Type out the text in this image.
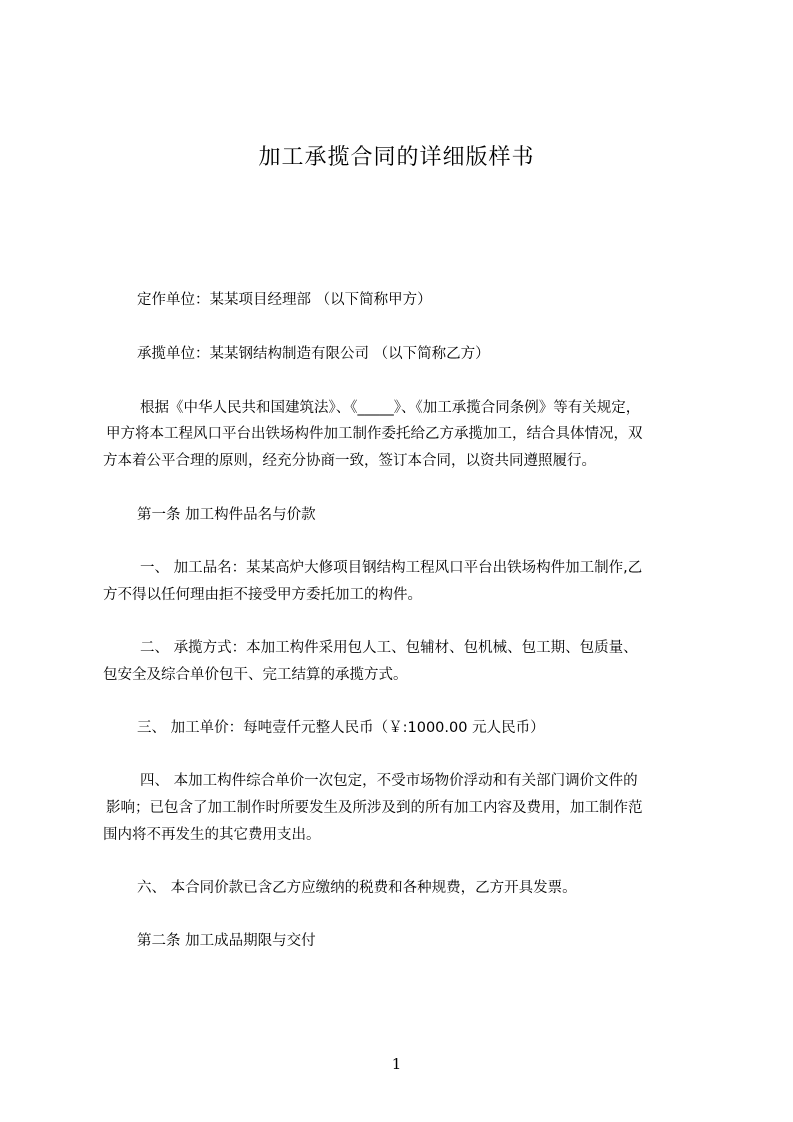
加工承揽合同的详细版样书
定作单位：某某项目经理部 （以下简称甲方）
承揽单位：某某钢结构制造有限公司 （以下简称乙方）
根据《中华人民共和国建筑法》、《_____》、《加工承揽合同条例》等有关规定，
甲方将本工程风口平台出铁场构件加工制作委托给乙方承揽加工，结合具体情况，双
方本着公平合理的原则，经充分协商一致，签订本合同，以资共同遵照履行。
第一条 加工构件品名与价款
一、 加工品名：某某高炉大修项目钢结构工程风口平台出铁场构件加工制作,乙
方不得以任何理由拒不接受甲方委托加工的构件。
二、 承揽方式：本加工构件采用包人工、包辅材、包机械、包工期、包质量、
包安全及综合单价包干、完工结算的承揽方式。
三、 加工单价：每吨壹仟元整人民币（￥:1000.00 元人民币）
四、 本加工构件综合单价一次包定，不受市场物价浮动和有关部门调价文件的
影响；已包含了加工制作时所要发生及所涉及到的所有加工内容及费用，加工制作范
围内将不再发生的其它费用支出。
六、 本合同价款已含乙方应缴纳的税费和各种规费，乙方开具发票。
第二条 加工成品期限与交付
1
